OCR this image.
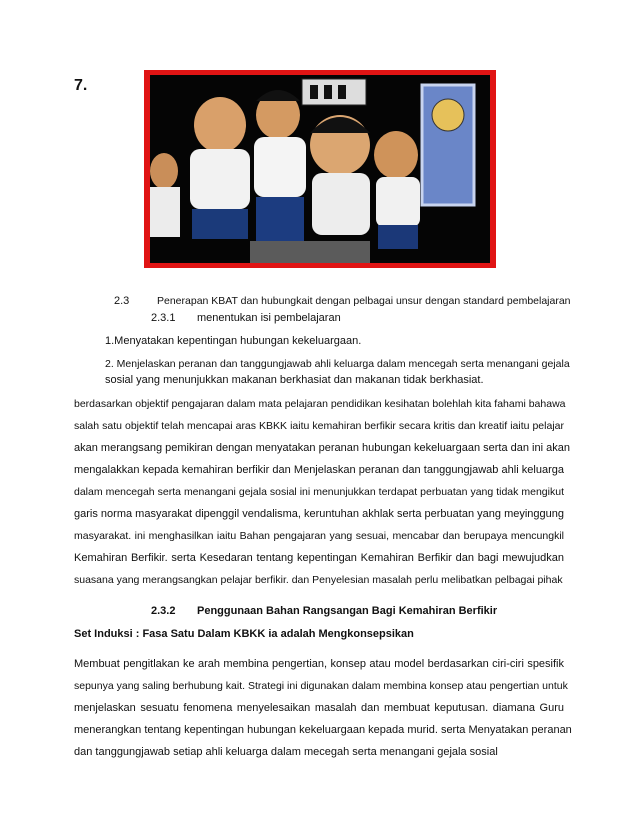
7.
2.3	Penerapan KBAT dan hubungkait dengan pelbagai unsur dengan standard pembelajaran
2.3.1 menentukan isi pembelajaran
1.Menyatakan kepentingan hubungan kekeluargaan.
2. Menjelaskan peranan dan tanggungjawab ahli keluarga dalam mencegah serta menangani gejala
sosial yang menunjukkan makanan berkhasiat dan makanan tidak berkhasiat.
berdasarkan objektif pengajaran dalam mata pelajaran pendidikan kesihatan bolehlah kita fahami bahawa
salah satu objektif telah mencapai aras KBKK iaitu kemahiran berfikir secara kritis dan kreatif iaitu pelajar
akan merangsang pemikiran dengan menyatakan peranan hubungan kekeluargaan serta dan ini akan
mengalakkan kepada kemahiran berfikir dan Menjelaskan peranan dan tanggungjawab ahli keluarga
dalam mencegah serta menangani gejala sosial ini menunjukkan terdapat perbuatan yang tidak mengikut
garis norma masyarakat dipenggil vendalisma, keruntuhan akhlak serta perbuatan yang meyinggung
masyarakat. ini menghasilkan iaitu Bahan pengajaran yang sesuai, mencabar dan berupaya mencungkil
Kemahiran Berfikir. serta Kesedaran tentang kepentingan Kemahiran Berfikir dan bagi mewujudkan
suasana yang merangsangkan pelajar berfikir. dan Penyelesian masalah perlu melibatkan pelbagai pihak
2.3.2 Penggunaan Bahan Rangsangan Bagi Kemahiran Berfikir
Set Induksi : Fasa Satu Dalam KBKK ia adalah Mengkonsepsikan
Membuat pengitlakan ke arah membina pengertian, konsep atau model berdasarkan ciri-ciri spesifik
sepunya yang saling berhubung kait. Strategi ini digunakan dalam membina konsep atau pengertian untuk
menjelaskan sesuatu fenomena menyelesaikan masalah dan membuat keputusan. diamana Guru
menerangkan tentang kepentingan hubungan kekeluargaan kepada murid. serta Menyatakan peranan
dan tanggungjawab setiap ahli keluarga dalam mecegah serta menangani gejala sosial
